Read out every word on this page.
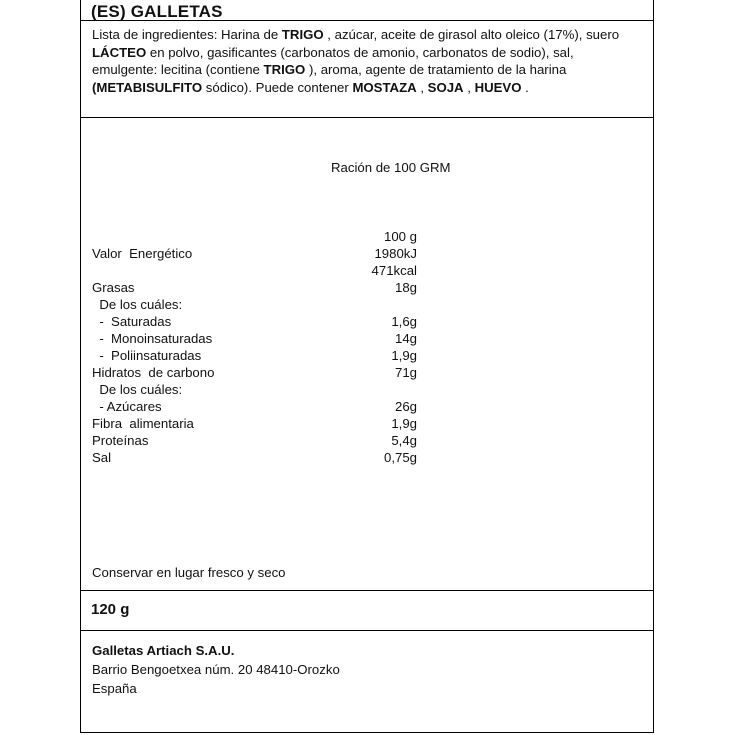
(ES) GALLETAS
Lista de ingredientes: Harina de TRIGO , azúcar, aceite de girasol alto oleico (17%), suero LÁCTEO en polvo, gasificantes (carbonatos de amonio, carbonatos de sodio), sal, emulgente: lecitina (contiene TRIGO ), aroma, agente de tratamiento de la harina (METABISULFITO sódico). Puede contener MOSTAZA , SOJA , HUEVO .
Ración de 100 GRM
100 g
Valor  Energético	1980kJ
471kcal
Grasas	18g
De los cuáles:
-  Saturadas	1,6g
-  Monoinsaturadas	14g
-  Poliinsaturadas	1,9g
Hidratos  de carbono	71g
De los cuáles:
- Azúcares	26g
Fibra  alimentaria	1,9g
Proteínas	5,4g
Sal	0,75g
Conservar en lugar fresco y seco
120 g
Galletas Artiach S.A.U.
Barrio Bengoetxea núm. 20 48410-Orozko
España
